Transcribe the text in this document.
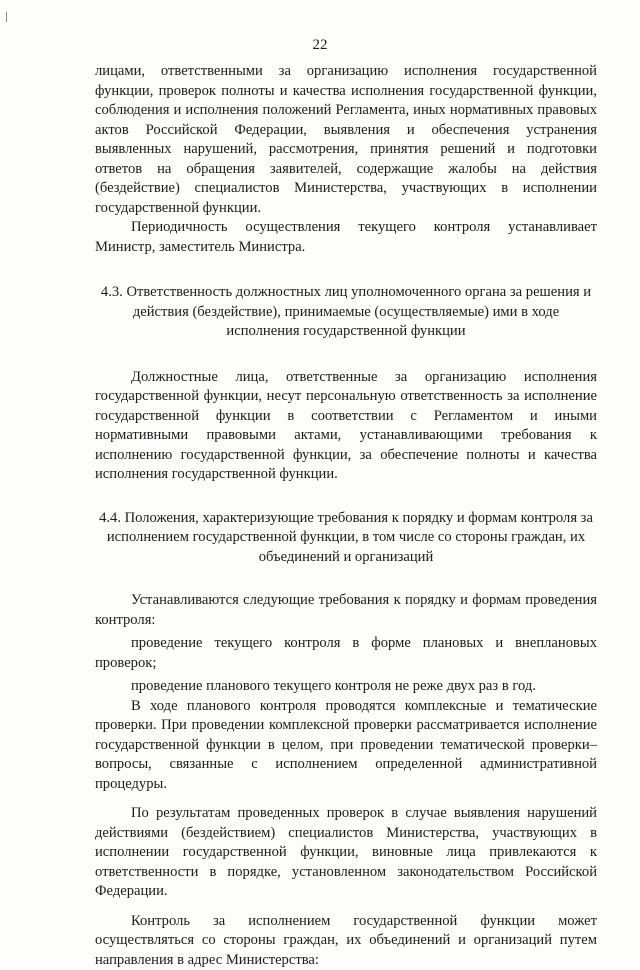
22

лицами, ответственными за организацию исполнения государственной функции, проверок полноты и качества исполнения государственной функции, соблюдения и исполнения положений Регламента, иных нормативных правовых актов Российской Федерации, выявления и обеспечения устранения выявленных нарушений, рассмотрения, принятия решений и подготовки ответов на обращения заявителей, содержащие жалобы на действия (бездействие) специалистов Министерства, участвующих в исполнении государственной функции.

Периодичность осуществления текущего контроля устанавливает Министр, заместитель Министра.

4.3. Ответственность должностных лиц уполномоченного органа за решения и действия (бездействие), принимаемые (осуществляемые) ими в ходе исполнения государственной функции

Должностные лица, ответственные за организацию исполнения государственной функции, несут персональную ответственность за исполнение государственной функции в соответствии с Регламентом и иными нормативными правовыми актами, устанавливающими требования к исполнению государственной функции, за обеспечение полноты и качества исполнения государственной функции.

4.4. Положения, характеризующие требования к порядку и формам контроля за исполнением государственной функции, в том числе со стороны граждан, их объединений и организаций

Устанавливаются следующие требования к порядку и формам проведения контроля:

проведение текущего контроля в форме плановых и внеплановых проверок;

проведение планового текущего контроля не реже двух раз в год.

В ходе планового контроля проводятся комплексные и тематические проверки. При проведении комплексной проверки рассматривается исполнение государственной функции в целом, при проведении тематической проверки– вопросы, связанные с исполнением определенной административной процедуры.

По результатам проведенных проверок в случае выявления нарушений действиями (бездействием) специалистов Министерства, участвующих в исполнении государственной функции, виновные лица привлекаются к ответственности в порядке, установленном законодательством Российской Федерации.

Контроль за исполнением государственной функции может осуществляться со стороны граждан, их объединений и организаций путем направления в адрес Министерства:
